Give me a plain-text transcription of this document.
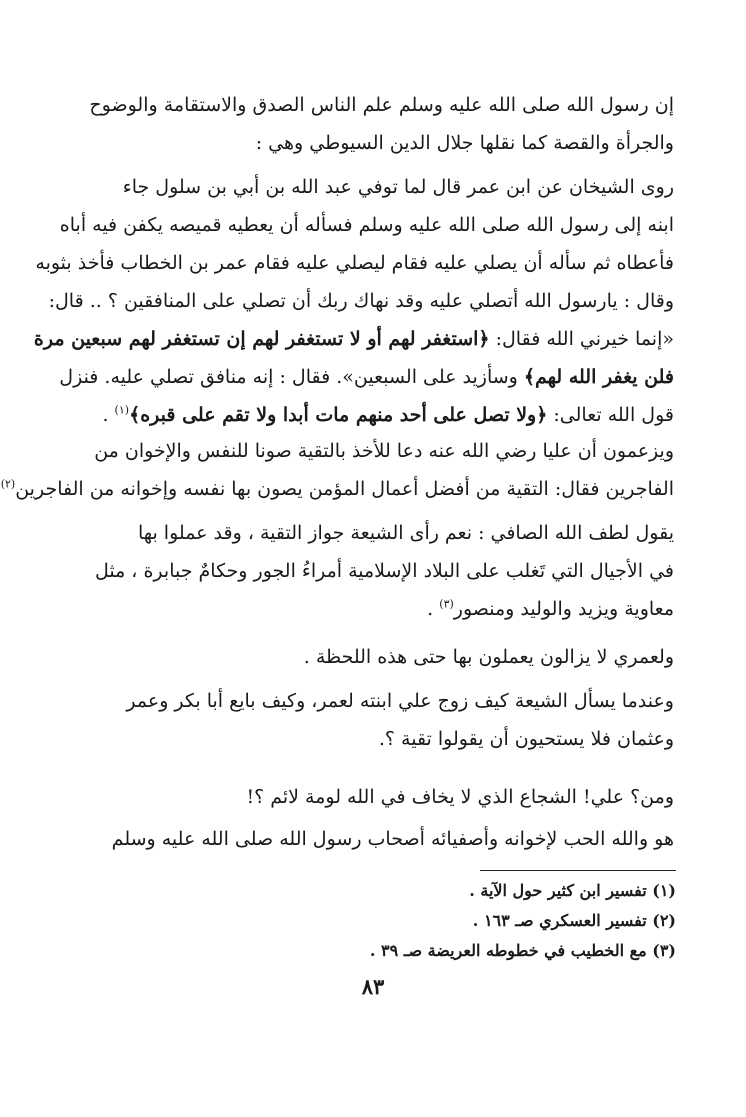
إن رسول الله صلى الله عليه وسلم علم الناس الصدق والاستقامة والوضوح
والجرأة والقصة كما نقلها جلال الدين السيوطي وهي :

روى الشيخان عن ابن عمر قال لما توفي عبد الله بن أبي بن سلول جاء
ابنه إلى رسول الله صلى الله عليه وسلم فسأله أن يعطيه قميصه يكفن فيه أباه
فأعطاه ثم سأله أن يصلي عليه فقام ليصلي عليه فقام عمر بن الخطاب فأخذ بثوبه
وقال : يارسول الله أتصلي عليه وقد نهاك ربك أن تصلي على المنافقين ؟ .. قال:
«إنما خيرني الله فقال: ﴿استغفر لهم أو لا تستغفر لهم إن تستغفر لهم سبعين مرة
فلن يغفر الله لهم﴾ وسأزيد على السبعين». فقال : إنه منافق تصلي عليه. فنزل
قول الله تعالى: ﴿ولا تصل على أحد منهم مات أبدا ولا تقم على قبره﴾$^{(١)}$ .

ويزعمون أن عليا رضي الله عنه دعا للأخذ بالتقية صونا للنفس والإخوان من
الفاجرين فقال: التقية من أفضل أعمال المؤمن يصون بها نفسه وإخوانه من الفاجرين$^{(٢)}$

يقول لطف الله الصافي : نعم رأى الشيعة جواز التقية ، وقد عملوا بها
في الأجيال التي تَغلب على البلاد الإسلامية أمراءُ الجور وحكامٌ جبابرة ، مثل
معاوية ويزيد والوليد ومنصور$^{(٣)}$ .

ولعمري لا يزالون يعملون بها حتى هذه اللحظة .

وعندما يسأل الشيعة كيف زوج علي ابنته لعمر، وكيف بايع أبا بكر وعمر
وعثمان فلا يستحيون أن يقولوا تقية ؟.

ومن؟ علي! الشجاع الذي لا يخاف في الله لومة لائم ؟!

هو والله الحب لإخوانه وأصفيائه أصحاب رسول الله صلى الله عليه وسلم

(١) تفسير ابن كثير حول الآية .

(٢) تفسير العسكري صـ ١٦٣ .

(٣) مع الخطيب في خطوطه العريضة صـ ٣٩ .

٨٣
